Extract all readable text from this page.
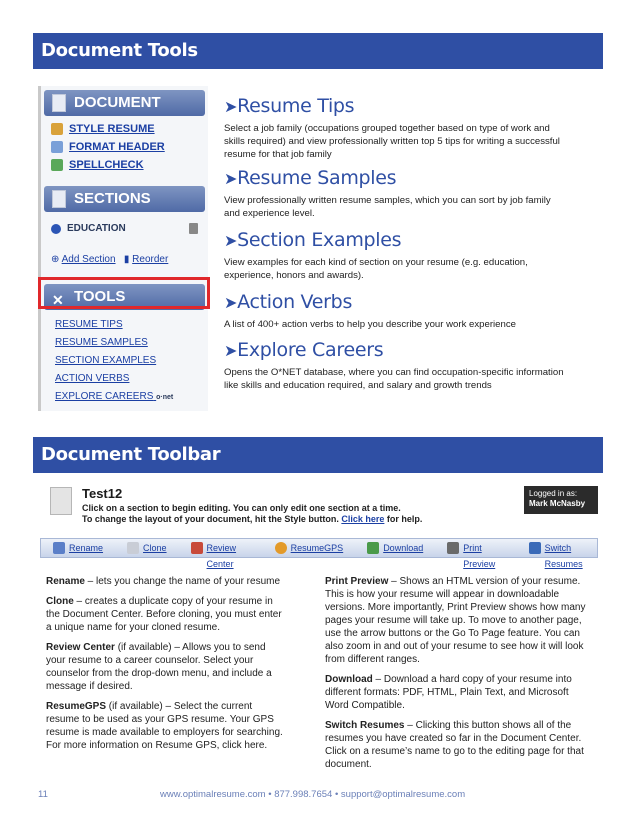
Document Tools
DOCUMENT
STYLE RESUME
FORMAT HEADER
SPELLCHECK
SECTIONS
EDUCATION
⊕ Add Section   ▮ Reorder
✕ TOOLS
RESUME TIPS
RESUME SAMPLES
SECTION EXAMPLES
ACTION VERBS
EXPLORE CAREERS o·net
➤Resume Tips
Select a job family (occupations grouped together based on type of work and skills required) and view professionally written top 5 tips for writing a successful resume for that job family
➤Resume Samples
View professionally written resume samples, which you can sort by job family and experience level.
➤Section Examples
View examples for each kind of section on your resume (e.g. education, experience, honors and awards).
➤Action Verbs
A list of 400+ action verbs to help you describe your work experience
➤Explore Careers
Opens the O*NET database, where you can find occupation-specific information like skills and education required, and salary and growth trends
Document Toolbar
Test12
Click on a section to begin editing. You can only edit one section at a time.
To change the layout of your document, hit the Style button. Click here for help.
Logged in as:
Mark McNasby
Rename	Clone	Review Center
ResumeGPS	Download	Print Preview
Switch Resumes

Rename – lets you change the name of your resume

Clone – creates a duplicate copy of your resume in the Document Center. Before cloning, you must enter a unique name for your cloned resume.

Review Center (if available) – Allows you to send your resume to a career counselor. Select your counselor from the drop-down menu, and include a message if desired.

ResumeGPS (if available) – Select the current resume to be used as your GPS resume. Your GPS resume is made available to employers for searching. For more information on Resume GPS, click here.

Print Preview – Shows an HTML version of your resume. This is how your resume will appear in downloadable versions. More importantly, Print Preview shows how many pages your resume will take up. To move to another page, use the arrow buttons or the Go To Page feature. You can also zoom in and out of your resume to see how it will look from different ranges.

Download – Download a hard copy of your resume into different formats: PDF, HTML, Plain Text, and Microsoft Word Compatible.

Switch Resumes – Clicking this button shows all of the resumes you have created so far in the Document Center. Click on a resume’s name to go to the editing page for that document.

11	www.optimalresume.com • 877.998.7654 • support@optimalresume.com
